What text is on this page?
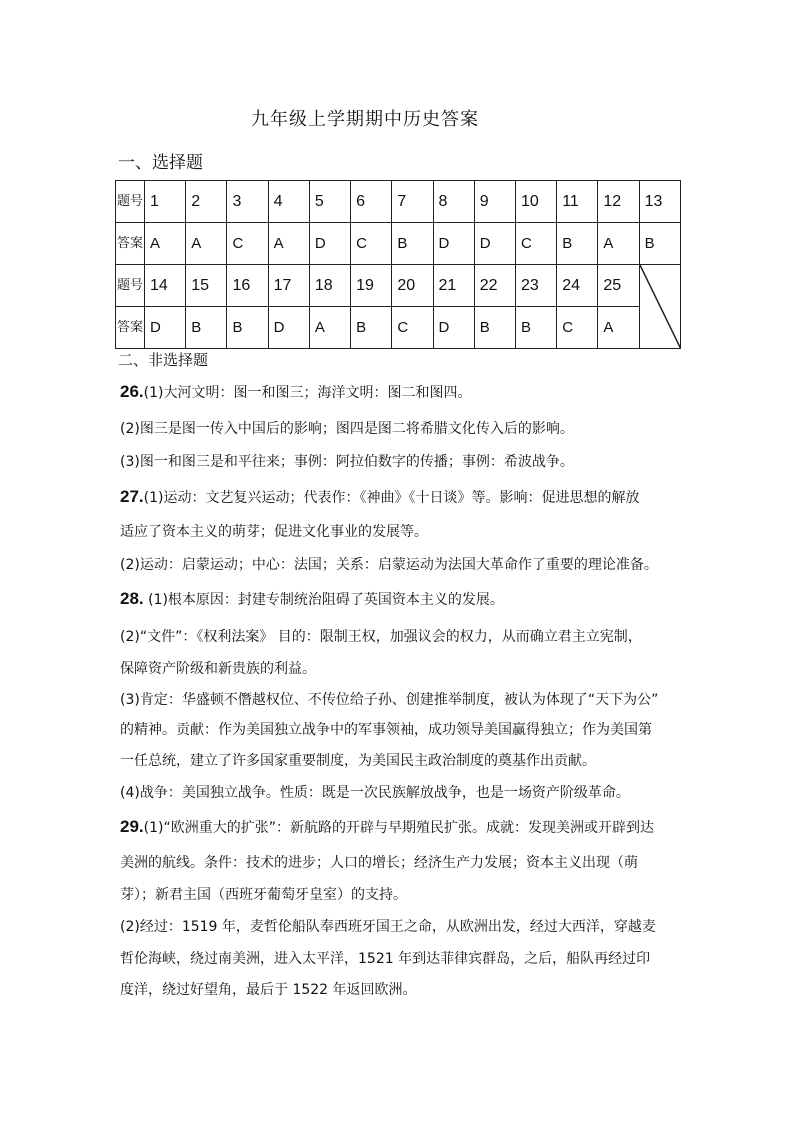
九年级上学期期中历史答案
一、选择题
题号	1	2	3	4	5	6	7	8	9	10	11	12	13
答案	A	A	C	A	D	C	B	D	D	C	B	A	B
题号	14	15	16	17	18	19	20	21	22	23	24	25	

答案	D	B	B	D	A	B	C	D	B	B	C	A	
二、非选择题
26.(1)大河文明：图一和图三；海洋文明：图二和图四。
(2)图三是图一传入中国后的影响；图四是图二将希腊文化传入后的影响。
(3)图一和图三是和平往来；事例：阿拉伯数字的传播；事例：希波战争。
27.(1)运动：文艺复兴运动；代表作：《神曲》《十日谈》等。影响：促进思想的解放
适应了资本主义的萌芽；促进文化事业的发展等。
(2)运动：启蒙运动；中心：法国；关系：启蒙运动为法国大革命作了重要的理论准备。
28. (1)根本原因：封建专制统治阻碍了英国资本主义的发展。
(2)“文件”：《权利法案》 目的：限制王权，加强议会的权力，从而确立君主立宪制，
保障资产阶级和新贵族的利益。
(3)肯定：华盛顿不僭越权位、不传位给子孙、创建推举制度，被认为体现了“天下为公”
的精神。贡献：作为美国独立战争中的军事领袖，成功领导美国赢得独立；作为美国第
一任总统，建立了许多国家重要制度，为美国民主政治制度的奠基作出贡献。
(4)战争：美国独立战争。性质：既是一次民族解放战争，也是一场资产阶级革命。
29.(1)“欧洲重大的扩张”：新航路的开辟与早期殖民扩张。成就：发现美洲或开辟到达
美洲的航线。条件：技术的进步；人口的增长；经济生产力发展；资本主义出现（萌
芽）；新君主国（西班牙葡萄牙皇室）的支持。
(2)经过：1519 年，麦哲伦船队奉西班牙国王之命，从欧洲出发，经过大西洋，穿越麦
哲伦海峡，绕过南美洲，进入太平洋，1521 年到达菲律宾群岛，之后，船队再经过印
度洋，绕过好望角，最后于 1522 年返回欧洲。
